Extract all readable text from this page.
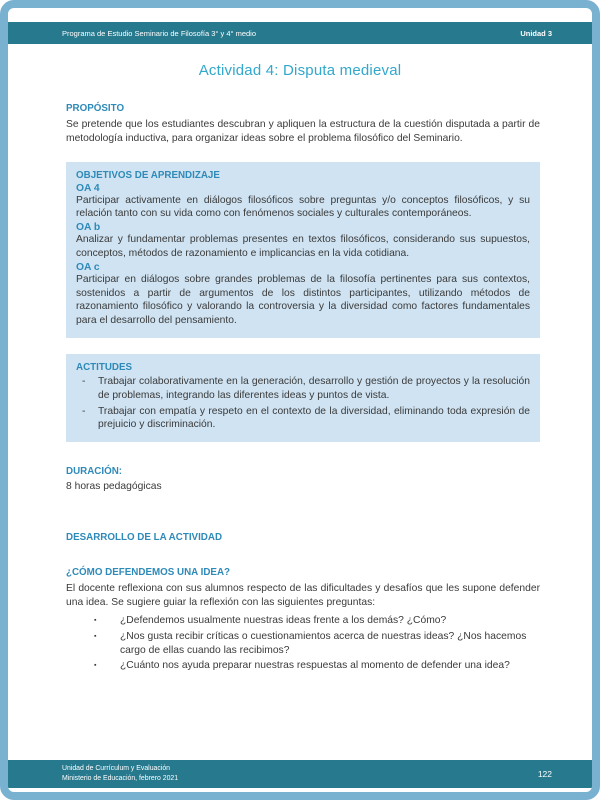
Programa de Estudio Seminario de Filosofía 3° y 4° medio	Unidad 3
Actividad 4: Disputa medieval
PROPÓSITO
Se pretende que los estudiantes descubran y apliquen la estructura de la cuestión disputada a partir de metodología inductiva, para organizar ideas sobre el problema filosófico del Seminario.
OBJETIVOS DE APRENDIZAJE
OA 4
Participar activamente en diálogos filosóficos sobre preguntas y/o conceptos filosóficos, y su relación tanto con su vida como con fenómenos sociales y culturales contemporáneos.
OA b
Analizar y fundamentar problemas presentes en textos filosóficos, considerando sus supuestos, conceptos, métodos de razonamiento e implicancias en la vida cotidiana.
OA c
Participar en diálogos sobre grandes problemas de la filosofía pertinentes para sus contextos, sostenidos a partir de argumentos de los distintos participantes, utilizando métodos de razonamiento filosófico y valorando la controversia y la diversidad como factores fundamentales para el desarrollo del pensamiento.
ACTITUDES
-	Trabajar colaborativamente en la generación, desarrollo y gestión de proyectos y la resolución de problemas, integrando las diferentes ideas y puntos de vista.
-	Trabajar con empatía y respeto en el contexto de la diversidad, eliminando toda expresión de prejuicio y discriminación.
DURACIÓN:
8 horas pedagógicas
DESARROLLO DE LA ACTIVIDAD
¿CÓMO DEFENDEMOS UNA IDEA?
El docente reflexiona con sus alumnos respecto de las dificultades y desafíos que les supone defender una idea. Se sugiere guiar la reflexión con las siguientes preguntas:
▪	¿Defendemos usualmente nuestras ideas frente a los demás? ¿Cómo?
▪	¿Nos gusta recibir críticas o cuestionamientos acerca de nuestras ideas? ¿Nos hacemos cargo de ellas cuando las recibimos?
▪	¿Cuánto nos ayuda preparar nuestras respuestas al momento de defender una idea?
Unidad de Currículum y Evaluación
Ministerio de Educación, febrero 2021	122
